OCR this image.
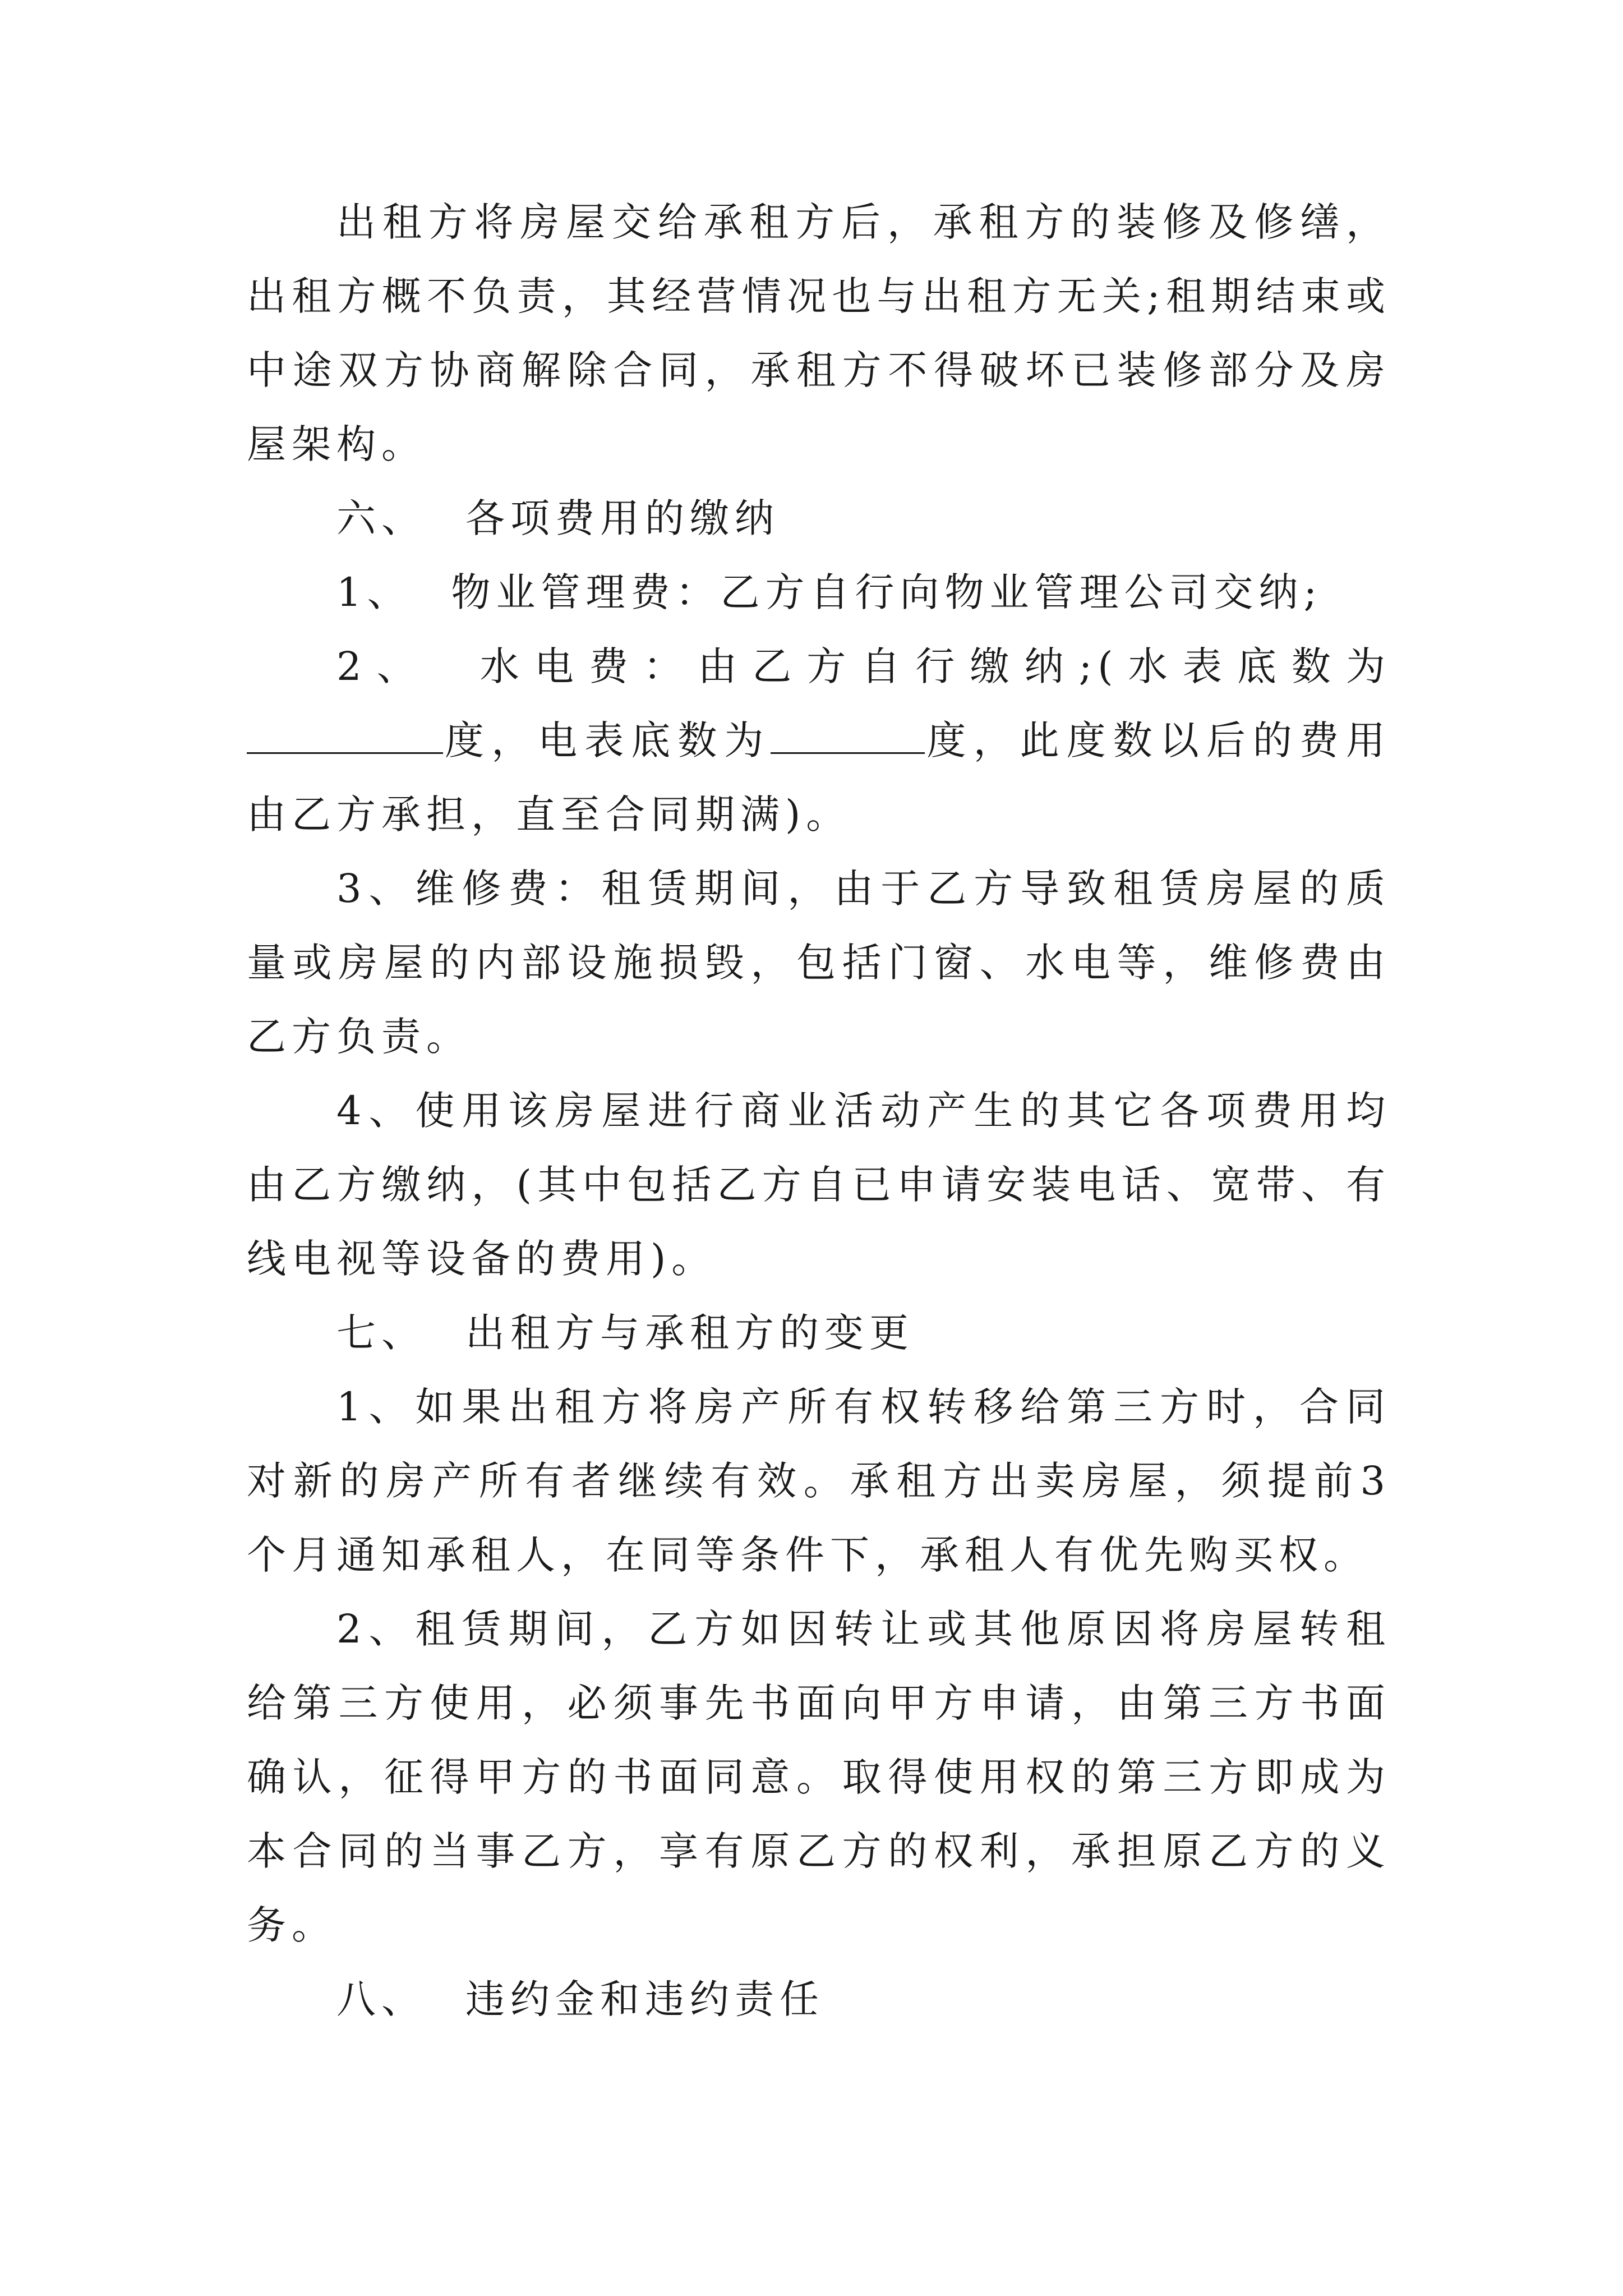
出租方将房屋交给承租方后，承租方的装修及修缮，出租方概不负责，其经营情况也与出租方无关;租期结束或中途双方协商解除合同，承租方不得破坏已装修部分及房屋架构。

六、 各项费用的缴纳

1、 物业管理费：乙方自行向物业管理公司交纳;

2、 水电费：由乙方自行缴纳;(水表底数为度，电表底数为	度，此度数以后的费用由乙方承担，直至合同期满)。

3、维修费：租赁期间，由于乙方导致租赁房屋的质量或房屋的内部设施损毁，包括门窗、水电等，维修费由乙方负责。

4、使用该房屋进行商业活动产生的其它各项费用均由乙方缴纳，(其中包括乙方自已申请安装电话、宽带、有线电视等设备的费用)。

七、 出租方与承租方的变更

1、如果出租方将房产所有权转移给第三方时，合同对新的房产所有者继续有效。承租方出卖房屋，须提前3个月通知承租人，在同等条件下，承租人有优先购买权。

2、租赁期间，乙方如因转让或其他原因将房屋转租给第三方使用，必须事先书面向甲方申请，由第三方书面确认，征得甲方的书面同意。取得使用权的第三方即成为本合同的当事乙方，享有原乙方的权利，承担原乙方的义务。

八、 违约金和违约责任
